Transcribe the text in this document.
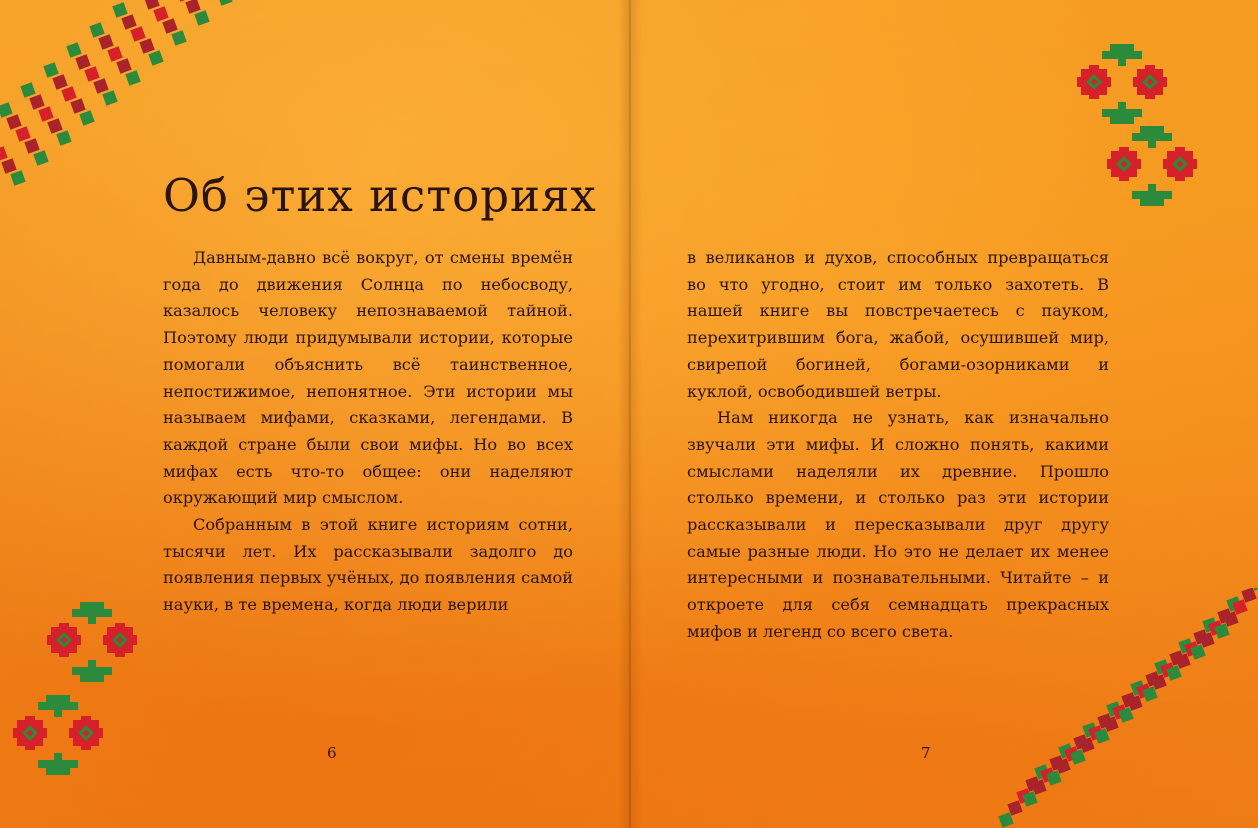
Об этих историях

Давным-давно всё вокруг, от смены времён года до движения Солнца по небосводу, казалось человеку непознаваемой тайной. Поэтому люди придумывали истории, которые помогали объяснить всё таинственное, непостижимое, непонятное. Эти истории мы называем мифами, сказками, легендами. В каждой стране были свои мифы. Но во всех мифах есть что-то общее: они наделяют окружающий мир смыслом.

Собранным в этой книге историям сотни, тысячи лет. Их рассказывали задолго до появления первых учёных, до появления самой науки, в те времена, когда люди верили

6

в великанов и духов, способных превращаться во что угодно, стоит им только захотеть. В нашей книге вы повстречаетесь с пауком, перехитрившим бога, жабой, осушившей мир, свирепой богиней, богами-озорниками и куклой, освободившей ветры.

Нам никогда не узнать, как изначально звучали эти мифы. И сложно понять, какими смыслами наделяли их древние. Прошло столько времени, и столько раз эти истории рассказывали и пересказывали друг другу самые разные люди. Но это не делает их менее интересными и познавательными. Читайте – и откроете для себя семнадцать прекрасных мифов и легенд со всего света.

7
